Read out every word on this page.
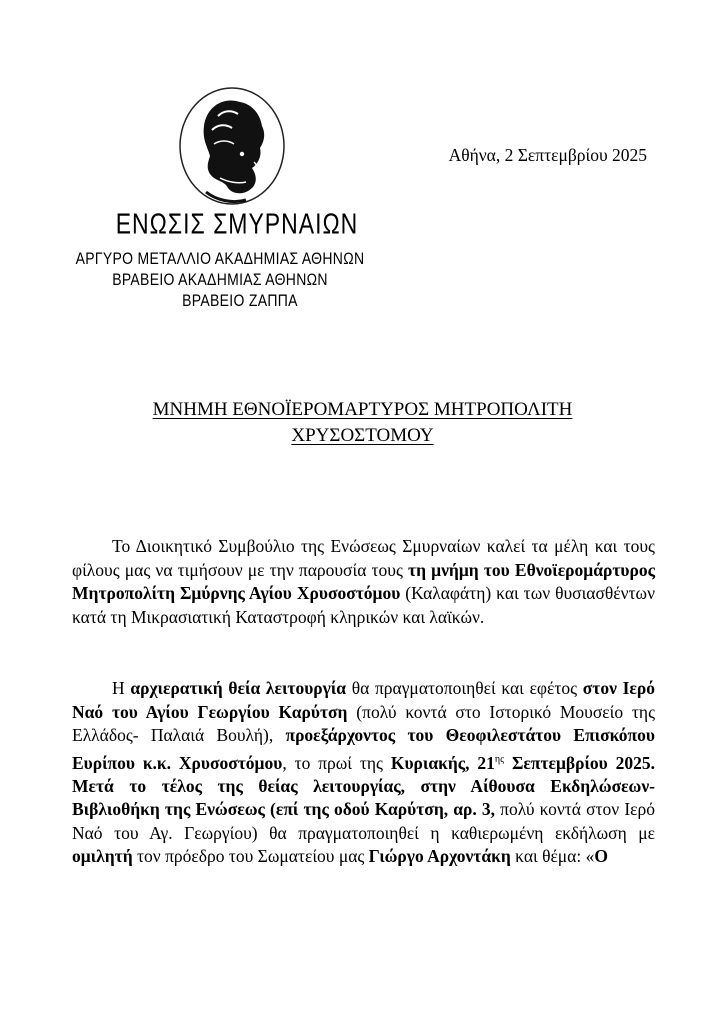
ΕΝΩΣΙΣ ΣΜΥΡΝΑΙΩΝ
ΑΡΓΥΡΟ ΜΕΤΑΛΛΙΟ ΑΚΑΔΗΜΙΑΣ ΑΘΗΝΩΝ
ΒΡΑΒΕΙΟ ΑΚΑΔΗΜΙΑΣ ΑΘΗΝΩΝ
ΒΡΑΒΕΙΟ ΖΑΠΠΑ
Αθήνα, 2 Σεπτεμβρίου 2025
ΜΝΗΜΗ ΕΘΝΟΪΕΡΟΜΑΡΤΥΡΟΣ ΜΗΤΡΟΠΟΛΙΤΗ
ΧΡΥΣΟΣΤΟΜΟΥ

Το Διοικητικό Συμβούλιο της Ενώσεως Σμυρναίων καλεί τα μέλη και τους φίλους μας να τιμήσουν με την παρουσία τους τη μνήμη του Εθνοϊερομάρτυρος Μητροπολίτη Σμύρνης Αγίου Χρυσοστόμου (Καλαφάτη) και των θυσιασθέντων κατά τη Μικρασιατική Καταστροφή κληρικών και λαϊκών.

Η αρχιερατική θεία λειτουργία θα πραγματοποιηθεί και εφέτος στον Ιερό Ναό του Αγίου Γεωργίου Καρύτση (πολύ κοντά στο Ιστορικό Μουσείο της Ελλάδος- Παλαιά Βουλή), προεξάρχοντος του Θεοφιλεστάτου Επισκόπου Ευρίπου κ.κ. Χρυσοστόμου, το πρωί της Κυριακής, $21^{\eta\varsigma}$ Σεπτεμβρίου 2025. Μετά το τέλος της θείας λειτουργίας, στην Αίθουσα Εκδηλώσεων- Βιβλιοθήκη της Ενώσεως (επί της οδού Καρύτση, αρ. 3, πολύ κοντά στον Ιερό Ναό του Αγ. Γεωργίου) θα πραγματοποιηθεί η καθιερωμένη εκδήλωση με ομιλητή τον πρόεδρο του Σωματείου μας Γιώργο Αρχοντάκη και θέμα: «Ο
